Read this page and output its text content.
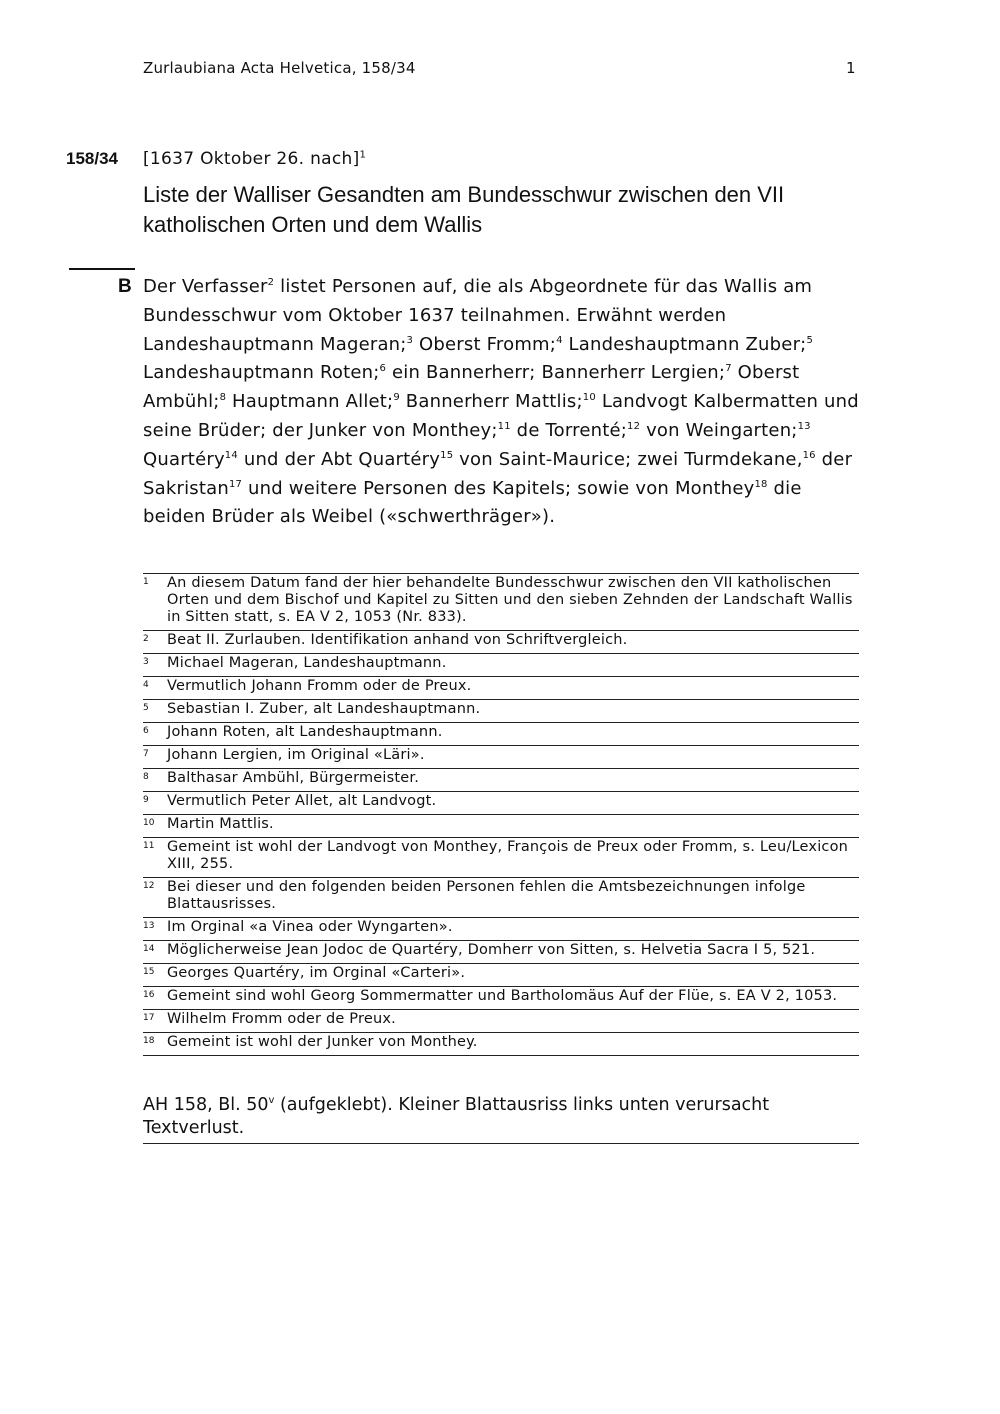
Zurlaubiana Acta Helvetica, 158/34	1
158/34 [1637 Oktober 26. nach]$^1$
Liste der Walliser Gesandten am Bundesschwur zwischen den VII katholischen Orten und dem Wallis
B Der Verfasser$^2$ listet Personen auf, die als Abgeordnete für das Wallis am Bundesschwur vom Oktober 1637 teilnahmen. Erwähnt werden Landeshauptmann Mageran;$^3$ Oberst Fromm;$^4$ Landeshauptmann Zuber;$^5$ Landeshauptmann Roten;$^6$ ein Bannerherr; Bannerherr Lergien;$^7$ Oberst Ambühl;$^8$ Hauptmann Allet;$^9$ Bannerherr Mattlis;$^{10}$ Landvogt Kalbermatten und seine Brüder; der Junker von Monthey;$^{11}$ de Torrenté;$^{12}$ von Weingarten;$^{13}$ Quartéry$^{14}$ und der Abt Quartéry$^{15}$ von Saint-Maurice; zwei Turmdekane,$^{16}$ der Sakristan$^{17}$ und weitere Personen des Kapitels; sowie von Monthey$^{18}$ die beiden Brüder als Weibel («schwerthräger»).
1	An diesem Datum fand der hier behandelte Bundesschwur zwischen den VII katholischen Orten und dem Bischof und Kapitel zu Sitten und den sieben Zehnden der Landschaft Wallis in Sitten statt, s. EA V 2, 1053 (Nr. 833).
2	Beat II. Zurlauben. Identifikation anhand von Schriftvergleich.
3	Michael Mageran, Landeshauptmann.
4	Vermutlich Johann Fromm oder de Preux.
5	Sebastian I. Zuber, alt Landeshauptmann.
6	Johann Roten, alt Landeshauptmann.
7	Johann Lergien, im Original «Läri».
8	Balthasar Ambühl, Bürgermeister.
9	Vermutlich Peter Allet, alt Landvogt.
10 Martin Mattlis.
11 Gemeint ist wohl der Landvogt von Monthey, François de Preux oder Fromm, s. Leu/Lexicon XIII, 255.
12 Bei dieser und den folgenden beiden Personen fehlen die Amtsbezeichnungen infolge Blattausrisses.
13 Im Orginal «a Vinea oder Wyngarten».
14 Möglicherweise Jean Jodoc de Quartéry, Domherr von Sitten, s. Helvetia Sacra I 5, 521.
15 Georges Quartéry, im Orginal «Carteri».
16 Gemeint sind wohl Georg Sommermatter und Bartholomäus Auf der Flüe, s. EA V 2, 1053.
17 Wilhelm Fromm oder de Preux.
18 Gemeint ist wohl der Junker von Monthey.
AH 158, Bl. 50$^v$ (aufgeklebt). Kleiner Blattausriss links unten verursacht Textverlust.
